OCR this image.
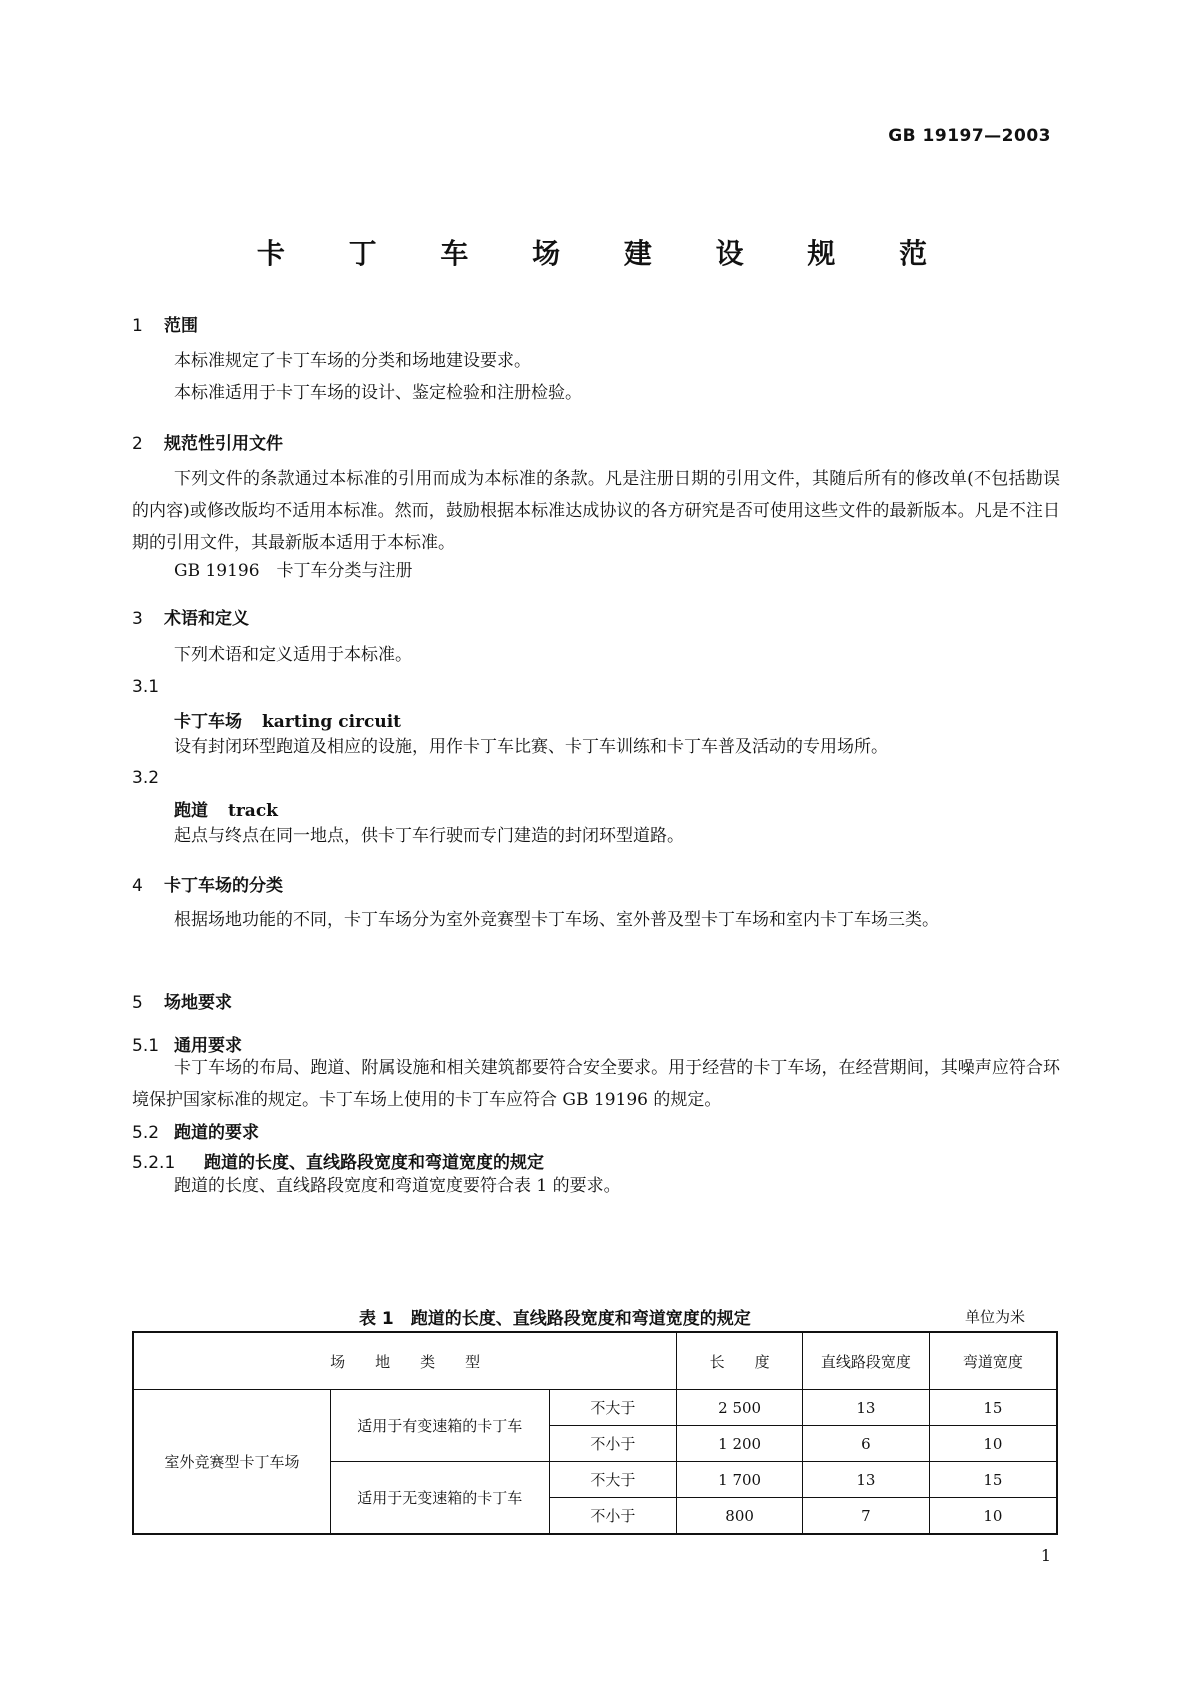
GB 19197—2003
卡 丁 车 场 建 设 规 范
1 范围
本标准规定了卡丁车场的分类和场地建设要求。
本标准适用于卡丁车场的设计、鉴定检验和注册检验。
2 规范性引用文件
下列文件的条款通过本标准的引用而成为本标准的条款。凡是注册日期的引用文件，其随后所有的修改单(不包括勘误的内容)或修改版均不适用本标准。然而，鼓励根据本标准达成协议的各方研究是否可使用这些文件的最新版本。凡是不注日期的引用文件，其最新版本适用于本标准。
GB 19196　卡丁车分类与注册
3 术语和定义
下列术语和定义适用于本标准。
3.1
卡丁车场 karting circuit
设有封闭环型跑道及相应的设施，用作卡丁车比赛、卡丁车训练和卡丁车普及活动的专用场所。
3.2
跑道 track
起点与终点在同一地点，供卡丁车行驶而专门建造的封闭环型道路。
4 卡丁车场的分类
根据场地功能的不同，卡丁车场分为室外竞赛型卡丁车场、室外普及型卡丁车场和室内卡丁车场三类。
5 场地要求
5.1 通用要求
卡丁车场的布局、跑道、附属设施和相关建筑都要符合安全要求。用于经营的卡丁车场，在经营期间，其噪声应符合环境保护国家标准的规定。卡丁车场上使用的卡丁车应符合 GB 19196 的规定。
5.2 跑道的要求
5.2.1 跑道的长度、直线路段宽度和弯道宽度的规定
跑道的长度、直线路段宽度和弯道宽度要符合表 1 的要求。
表 1　跑道的长度、直线路段宽度和弯道宽度的规定	单位为米
场　　地　　类　　型			长　　度	直线路段宽度	弯道宽度
室外竞赛型卡丁车场	适用于有变速箱的卡丁车	不大于	2 500	13	15
		不小于	1 200	6	10
	适用于无变速箱的卡丁车	不大于	1 700	13	15
		不小于	800	7	10
1
